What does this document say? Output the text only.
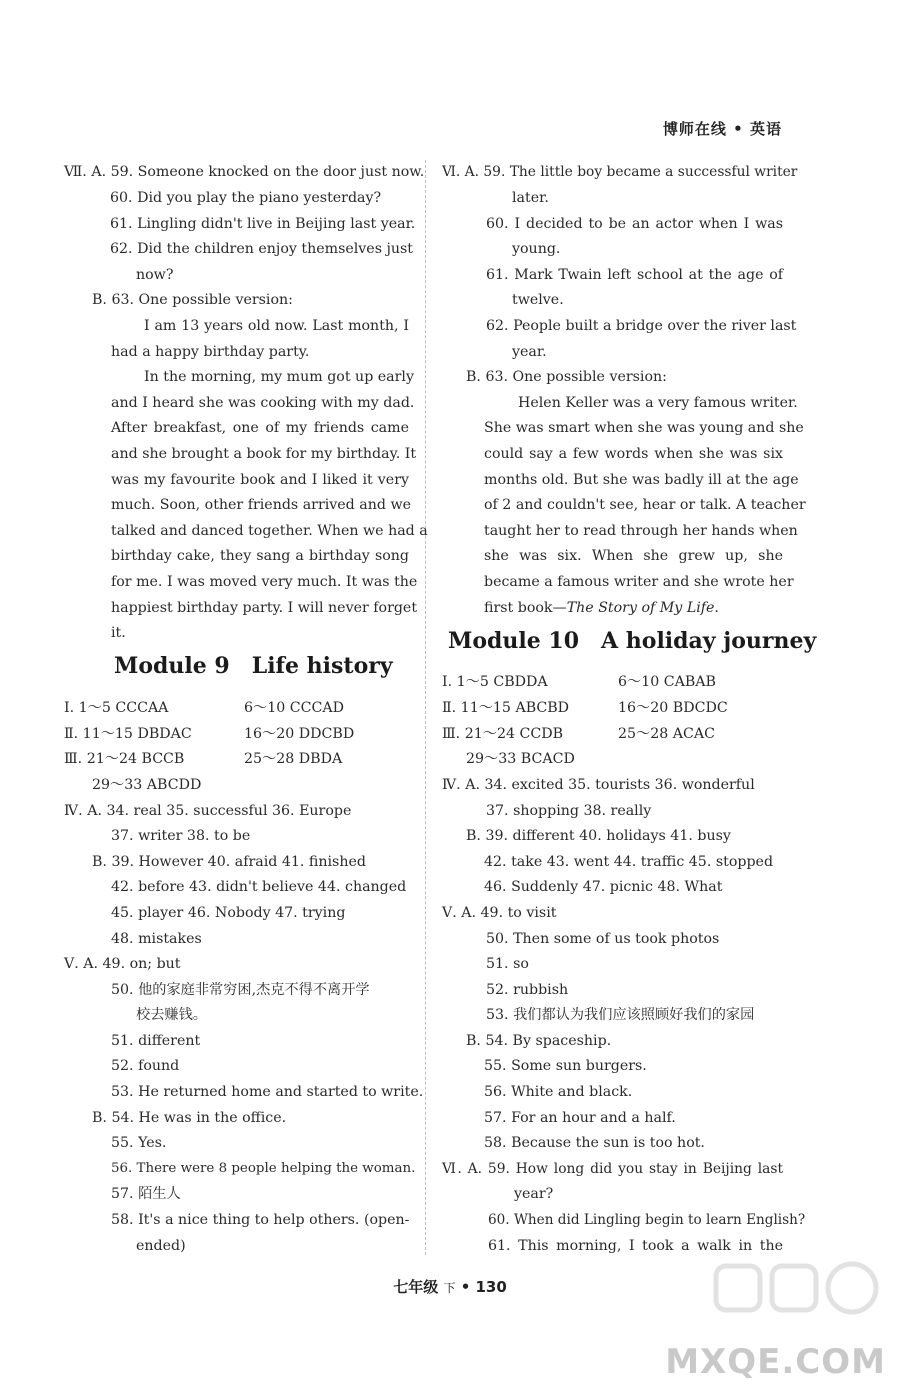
博师在线 • 英语
Ⅶ. A. 59. Someone knocked on the door just now.
60. Did you play the piano yesterday?
61. Lingling didn't live in Beijing last year.
62. Did the children enjoy themselves just
now?
B. 63. One possible version:
I am 13 years old now. Last month, I
had a happy birthday party.
In the morning, my mum got up early
and I heard she was cooking with my dad.
After breakfast, one of my friends came
and she brought a book for my birthday. It
was my favourite book and I liked it very
much. Soon, other friends arrived and we
talked and danced together. When we had a
birthday cake, they sang a birthday song
for me. I was moved very much. It was the
happiest birthday party. I will never forget
it.
Module 9 Life history
Ⅰ. 1～5 CCCAA	6～10 CCCAD
Ⅱ. 11～15 DBDAC	16～20 DDCBD
Ⅲ. 21～24 BCCB	25～28 DBDA
29～33 ABCDD
Ⅳ. A. 34. real 35. successful 36. Europe
37. writer 38. to be
B. 39. However 40. afraid 41. finished
42. before 43. didn't believe 44. changed
45. player 46. Nobody 47. trying
48. mistakes
Ⅴ. A. 49. on; but
50. 他的家庭非常穷困,杰克不得不离开学
校去赚钱。
51. different
52. found
53. He returned home and started to write.
B. 54. He was in the office.
55. Yes.
56. There were 8 people helping the woman.
57. 陌生人
58. It's a nice thing to help others. (open-
ended)
Ⅵ. A. 59. The little boy became a successful writer
later.
60. I decided to be an actor when I was
young.
61. Mark Twain left school at the age of
twelve.
62. People built a bridge over the river last
year.
B. 63. One possible version:
Helen Keller was a very famous writer.
She was smart when she was young and she
could say a few words when she was six
months old. But she was badly ill at the age
of 2 and couldn't see, hear or talk. A teacher
taught her to read through her hands when
she was six. When she grew up, she
became a famous writer and she wrote her
first book—The Story of My Life.
Module 10 A holiday journey
Ⅰ. 1～5 CBDDA	6～10 CABAB
Ⅱ. 11～15 ABCBD	16～20 BDCDC
Ⅲ. 21～24 CCDB	25～28 ACAC
29～33 BCACD
Ⅳ. A. 34. excited 35. tourists 36. wonderful
37. shopping 38. really
B. 39. different 40. holidays 41. busy
42. take 43. went 44. traffic 45. stopped
46. Suddenly 47. picnic 48. What
Ⅴ. A. 49. to visit
50. Then some of us took photos
51. so
52. rubbish
53. 我们都认为我们应该照顾好我们的家园
B. 54. By spaceship.
55. Some sun burgers.
56. White and black.
57. For an hour and a half.
58. Because the sun is too hot.
Ⅵ. A. 59. How long did you stay in Beijing last
year?
60. When did Lingling begin to learn English?
61. This morning, I took a walk in the
七年级 下 • 130
MXQE.COM
